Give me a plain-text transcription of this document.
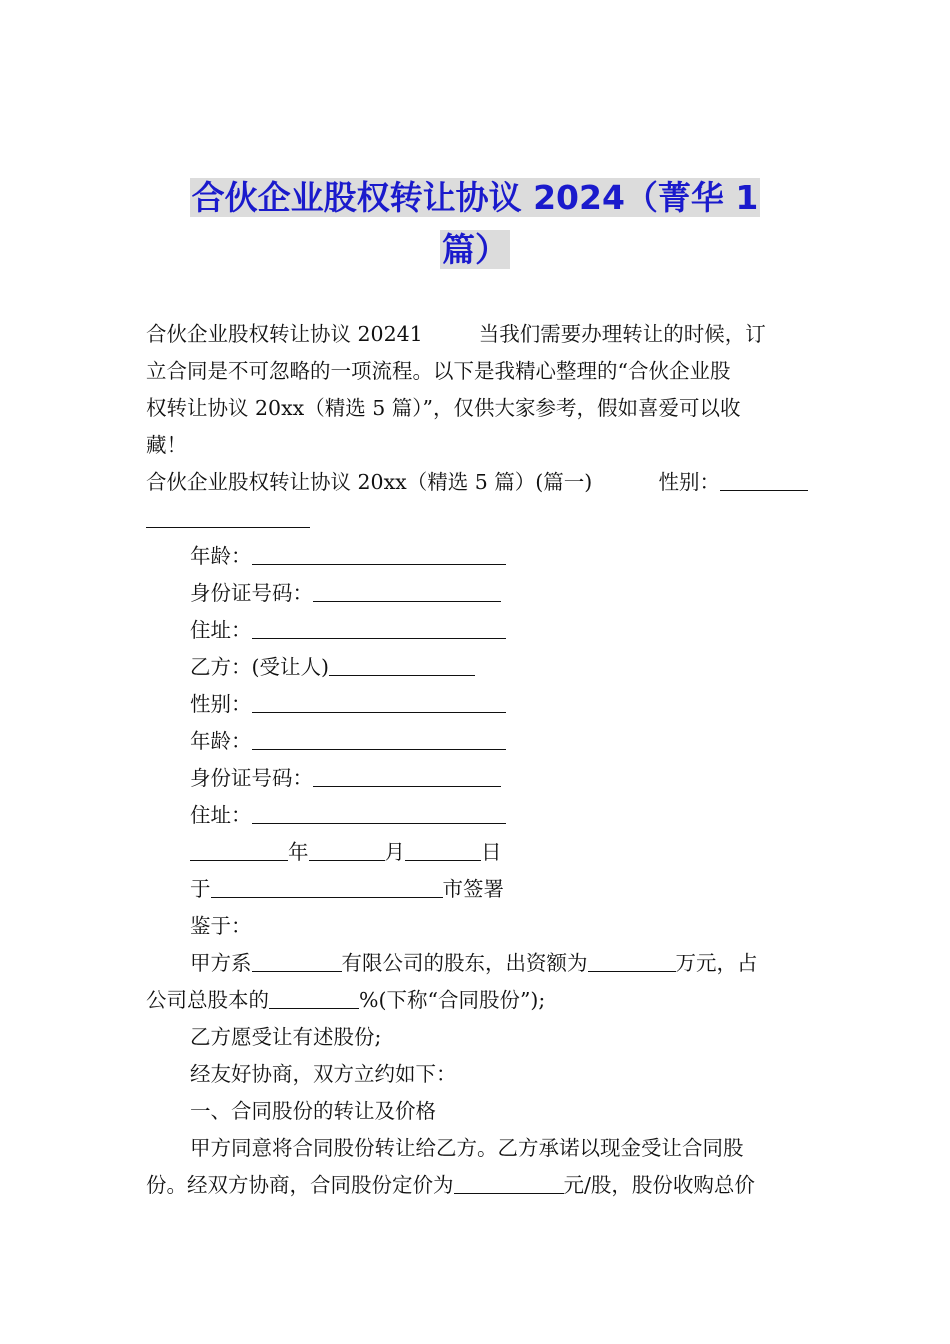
合伙企业股权转让协议 2024（菁华 1
篇）
合伙企业股权转让协议 20241	当我们需要办理转让的时候，订

立合同是不可忽略的一项流程。以下是我精心整理的“合伙企业股

权转让协议 20xx（精选 5 篇）”，仅供大家参考，假如喜爱可以收

藏！

合伙企业股权转让协议 20xx（精选 5 篇）(篇一)	性别：
年龄：
身份证号码：
住址：
乙方：(受让人)
性别：
年龄：
身份证号码：
住址：
年	月	日
于	市签署
鉴于：
甲方系	有限公司的股东，出资额为	万元，占
公司总股本的	%(下称“合同股份”);
乙方愿受让有述股份;
经友好协商，双方立约如下：
一、合同股份的转让及价格
甲方同意将合同股份转让给乙方。乙方承诺以现金受让合同股
份。经双方协商，合同股份定价为	元/股，股份收购总价
